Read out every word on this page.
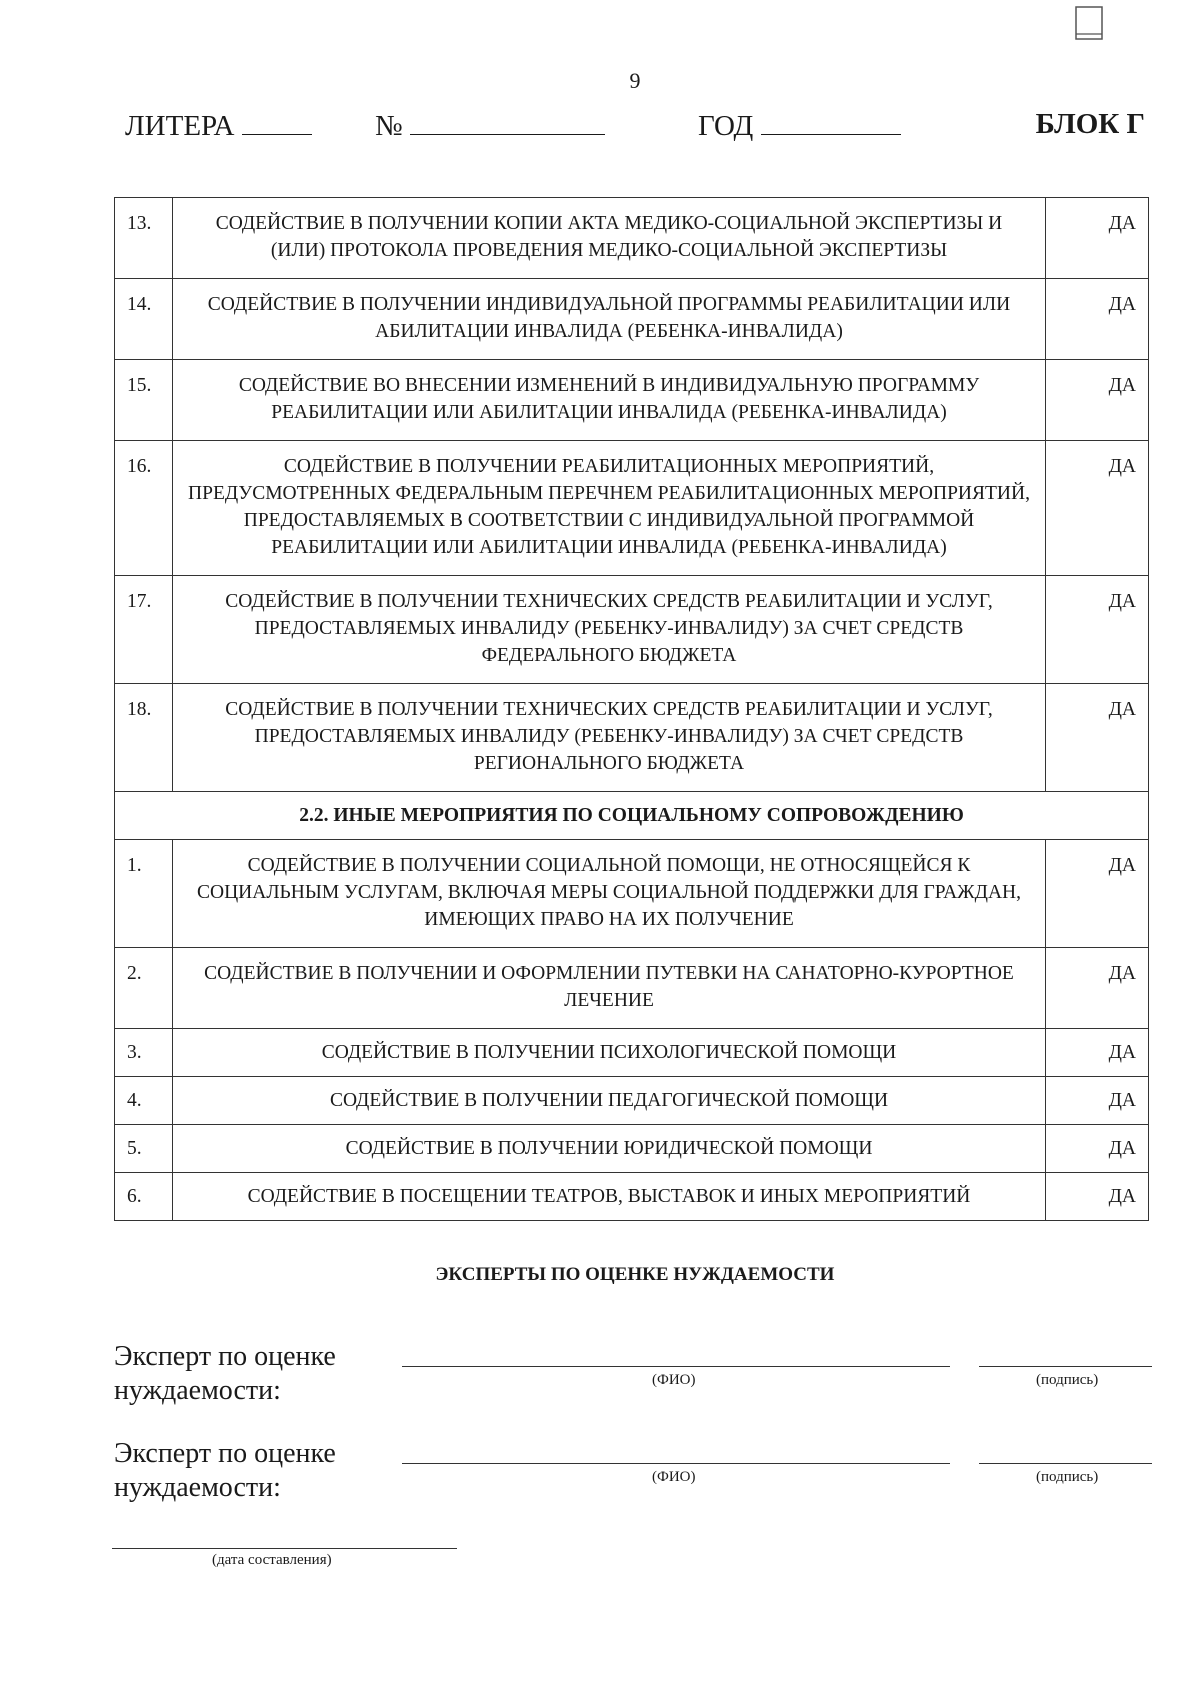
9
ЛИТЕРА	№	ГОД	БЛОК Г
13.	СОДЕЙСТВИЕ В ПОЛУЧЕНИИ КОПИИ АКТА МЕДИКО-СОЦИАЛЬНОЙ ЭКСПЕРТИЗЫ И (ИЛИ) ПРОТОКОЛА ПРОВЕДЕНИЯ МЕДИКО-СОЦИАЛЬНОЙ ЭКСПЕРТИЗЫ	ДА
14.	СОДЕЙСТВИЕ В ПОЛУЧЕНИИ ИНДИВИДУАЛЬНОЙ ПРОГРАММЫ РЕАБИЛИТАЦИИ ИЛИ АБИЛИТАЦИИ ИНВАЛИДА (РЕБЕНКА-ИНВАЛИДА)	ДА
15.	СОДЕЙСТВИЕ ВО ВНЕСЕНИИ ИЗМЕНЕНИЙ В ИНДИВИДУАЛЬНУЮ ПРОГРАММУ РЕАБИЛИТАЦИИ ИЛИ АБИЛИТАЦИИ ИНВАЛИДА (РЕБЕНКА-ИНВАЛИДА)	ДА
16.	СОДЕЙСТВИЕ В ПОЛУЧЕНИИ РЕАБИЛИТАЦИОННЫХ МЕРОПРИЯТИЙ, ПРЕДУСМОТРЕННЫХ ФЕДЕРАЛЬНЫМ ПЕРЕЧНЕМ РЕАБИЛИТАЦИОННЫХ МЕРОПРИЯТИЙ, ПРЕДОСТАВЛЯЕМЫХ В СООТВЕТСТВИИ С ИНДИВИДУАЛЬНОЙ ПРОГРАММОЙ РЕАБИЛИТАЦИИ ИЛИ АБИЛИТАЦИИ ИНВАЛИДА (РЕБЕНКА-ИНВАЛИДА)	ДА
17.	СОДЕЙСТВИЕ В ПОЛУЧЕНИИ ТЕХНИЧЕСКИХ СРЕДСТВ РЕАБИЛИТАЦИИ И УСЛУГ, ПРЕДОСТАВЛЯЕМЫХ ИНВАЛИДУ (РЕБЕНКУ-ИНВАЛИДУ) ЗА СЧЕТ СРЕДСТВ ФЕДЕРАЛЬНОГО БЮДЖЕТА	ДА
18.	СОДЕЙСТВИЕ В ПОЛУЧЕНИИ ТЕХНИЧЕСКИХ СРЕДСТВ РЕАБИЛИТАЦИИ И УСЛУГ, ПРЕДОСТАВЛЯЕМЫХ ИНВАЛИДУ (РЕБЕНКУ-ИНВАЛИДУ) ЗА СЧЕТ СРЕДСТВ РЕГИОНАЛЬНОГО БЮДЖЕТА	ДА
2.2. ИНЫЕ МЕРОПРИЯТИЯ ПО СОЦИАЛЬНОМУ СОПРОВОЖДЕНИЮ		
1.	СОДЕЙСТВИЕ В ПОЛУЧЕНИИ СОЦИАЛЬНОЙ ПОМОЩИ, НЕ ОТНОСЯЩЕЙСЯ К СОЦИАЛЬНЫМ УСЛУГАМ, ВКЛЮЧАЯ МЕРЫ СОЦИАЛЬНОЙ ПОДДЕРЖКИ ДЛЯ ГРАЖДАН, ИМЕЮЩИХ ПРАВО НА ИХ ПОЛУЧЕНИЕ	ДА
2.	СОДЕЙСТВИЕ В ПОЛУЧЕНИИ И ОФОРМЛЕНИИ ПУТЕВКИ НА САНАТОРНО-КУРОРТНОЕ ЛЕЧЕНИЕ	ДА
3.	СОДЕЙСТВИЕ В ПОЛУЧЕНИИ ПСИХОЛОГИЧЕСКОЙ ПОМОЩИ	ДА
4.	СОДЕЙСТВИЕ В ПОЛУЧЕНИИ ПЕДАГОГИЧЕСКОЙ ПОМОЩИ	ДА
5.	СОДЕЙСТВИЕ В ПОЛУЧЕНИИ ЮРИДИЧЕСКОЙ ПОМОЩИ	ДА
6.	СОДЕЙСТВИЕ В ПОСЕЩЕНИИ ТЕАТРОВ, ВЫСТАВОК И ИНЫХ МЕРОПРИЯТИЙ	ДА
ЭКСПЕРТЫ ПО ОЦЕНКЕ НУЖДАЕМОСТИ
Эксперт по оценке нуждаемости:	(ФИО)	(подпись)
Эксперт по оценке нуждаемости:	(ФИО)	(подпись)
(дата составления)
